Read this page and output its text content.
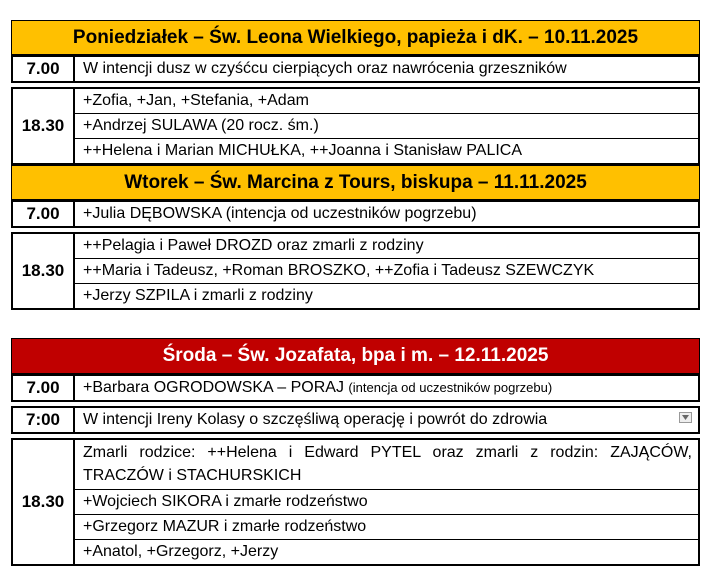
Poniedziałek – Św. Leona Wielkiego, papieża i dK. – 10.11.2025
7.00	W intencji dusz w czyśćcu cierpiących oraz nawrócenia grzeszników
18.30
+Zofia, +Jan, +Stefania, +Adam
+Andrzej SULAWA (20 rocz. śm.)
++Helena i Marian MICHUŁKA, ++Joanna i Stanisław PALICA
Wtorek – Św. Marcina z Tours, biskupa – 11.11.2025
7.00	+Julia DĘBOWSKA (intencja od uczestników pogrzebu)
18.30
++Pelagia i Paweł DROZD oraz zmarli z rodziny
++Maria i Tadeusz, +Roman BROSZKO, ++Zofia i Tadeusz SZEWCZYK
+Jerzy SZPILA i zmarli z rodziny
Środa – Św. Jozafata, bpa i m. – 12.11.2025
7.00	+Barbara OGRODOWSKA – PORAJ (intencja od uczestników pogrzebu)
7:00	W intencji Ireny Kolasy o szczęśliwą operację i powrót do zdrowia
18.30
Zmarli rodzice: ++Helena i Edward PYTEL oraz zmarli z rodzin: ZAJĄCÓW, TRACZÓW i STACHURSKICH
+Wojciech SIKORA i zmarłe rodzeństwo
+Grzegorz MAZUR i zmarłe rodzeństwo
+Anatol, +Grzegorz, +Jerzy
